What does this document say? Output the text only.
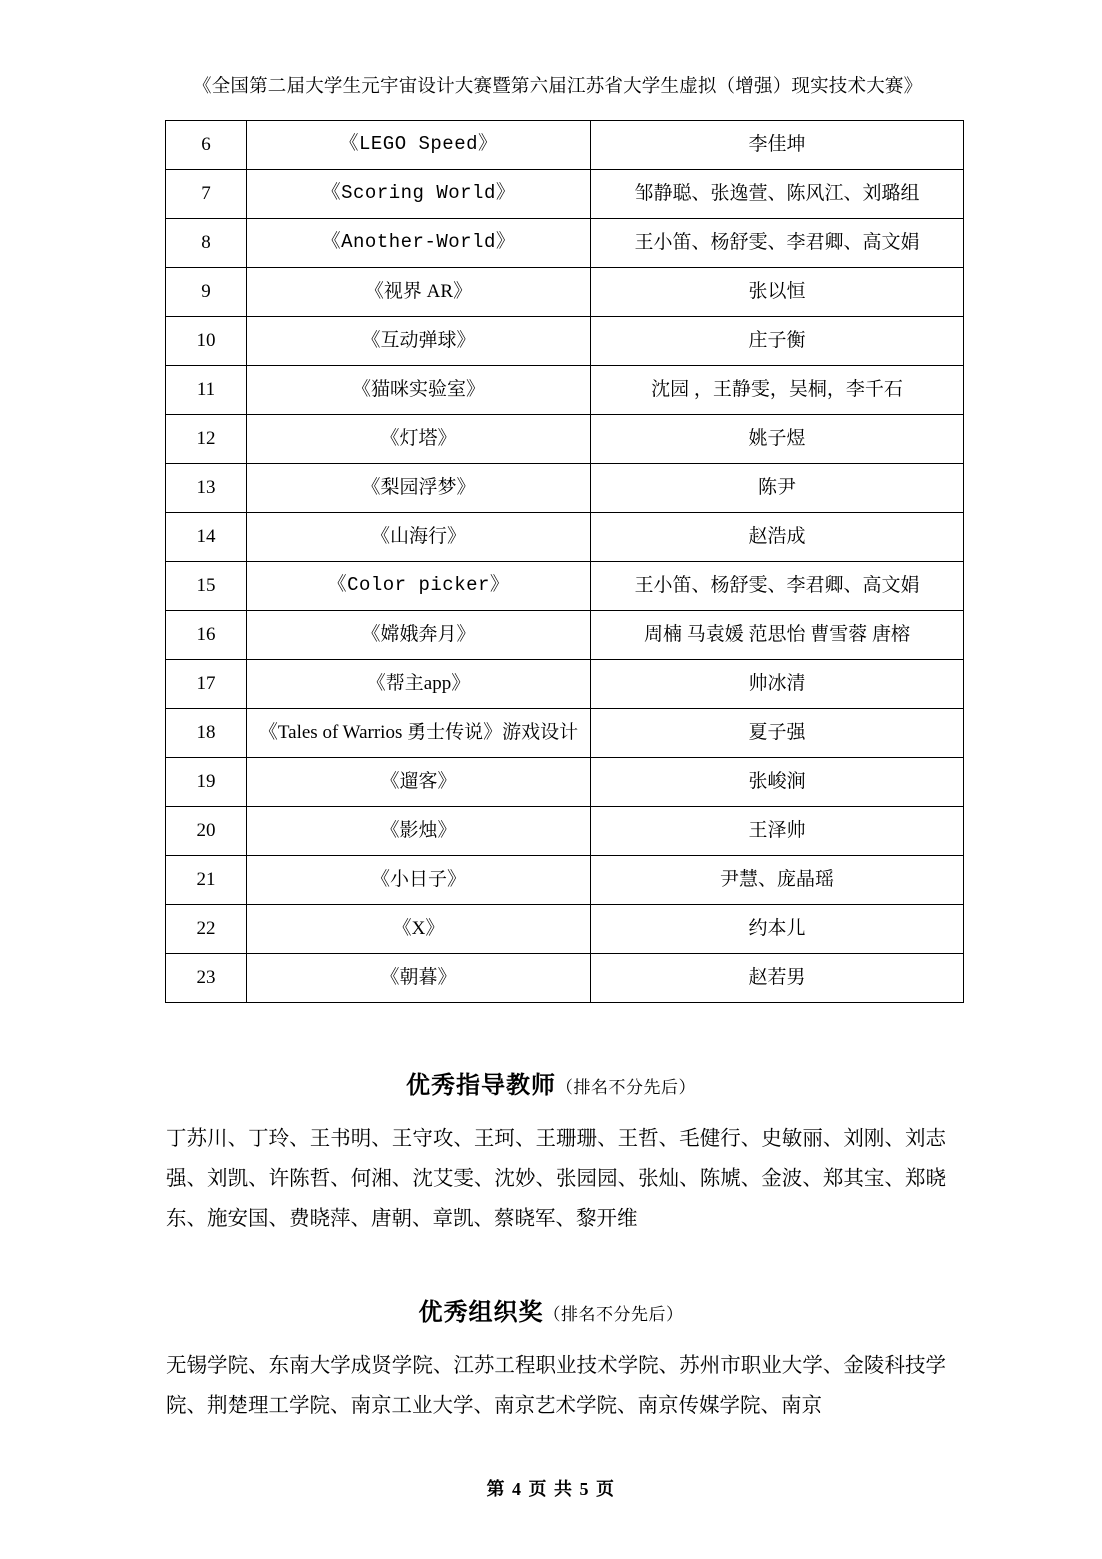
《全国第二届大学生元宇宙设计大赛暨第六届江苏省大学生虚拟（增强）现实技术大赛》
6	《LEGO Speed》	李佳坤
7	《Scoring World》	邹静聪、张逸萱、陈风江、刘璐组
8	《Another-World》	王小笛、杨舒雯、李君卿、高文娟
9	《视界 AR》	张以恒
10	《互动弹球》	庄子衡
11	《猫咪实验室》	沈园 ，王静雯，吴桐，李千石
12	《灯塔》	姚子煜
13	《梨园浮梦》	陈尹
14	《山海行》	赵浩成
15	《Color picker》	王小笛、杨舒雯、李君卿、高文娟
16	《嫦娥奔月》	周楠 马袁媛 范思怡 曹雪蓉 唐榕
17	《帮主app》	帅冰清
18	《Tales of Warrios 勇士传说》游戏设计	夏子强
19	《遛客》	张峻涧
20	《影烛》	王泽帅
21	《小日子》	尹慧、庞晶瑶
22	《X》	约本儿
23	《朝暮》	赵若男
优秀指导教师（排名不分先后）
丁苏川、丁玲、王书明、王守攻、王珂、王珊珊、王哲、毛健行、史敏丽、刘刚、刘志强、刘凯、许陈哲、何湘、沈艾雯、沈妙、张园园、张灿、陈虓、金波、郑其宝、郑晓东、施安国、费晓萍、唐朝、章凯、蔡晓军、黎开维
优秀组织奖（排名不分先后）
无锡学院、东南大学成贤学院、江苏工程职业技术学院、苏州市职业大学、金陵科技学院、荆楚理工学院、南京工业大学、南京艺术学院、南京传媒学院、南京
第 4 页 共 5 页
